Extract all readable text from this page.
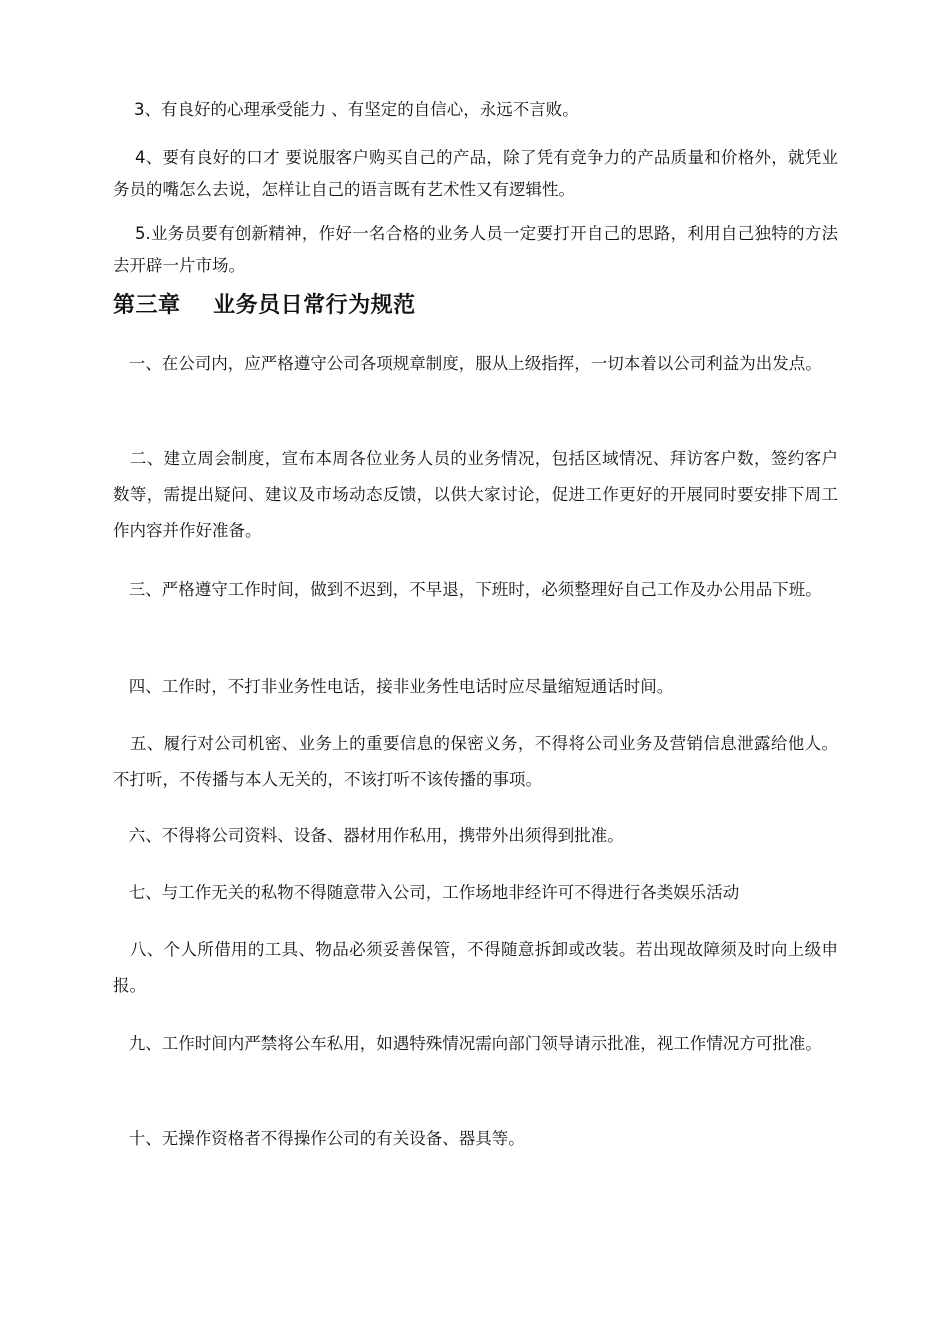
3、有良好的心理承受能力 、有坚定的自信心，永远不言败。

4、要有良好的口才 要说服客户购买自己的产品，除了凭有竞争力的产品质量和价格外，就凭业务员的嘴怎么去说，怎样让自己的语言既有艺术性又有逻辑性。

5.业务员要有创新精神，作好一名合格的业务人员一定要打开自己的思路，利用自己独特的方法去开辟一片市场。

第三章    业务员日常行为规范

一、在公司内，应严格遵守公司各项规章制度，服从上级指挥，一切本着以公司利益为出发点。

二、建立周会制度，宣布本周各位业务人员的业务情况，包括区域情况、拜访客户数，签约客户数等，需提出疑问、建议及市场动态反馈，以供大家讨论，促进工作更好的开展同时要安排下周工作内容并作好准备。

三、严格遵守工作时间，做到不迟到，不早退，下班时，必须整理好自己工作及办公用品下班。

四、工作时，不打非业务性电话，接非业务性电话时应尽量缩短通话时间。

五、履行对公司机密、业务上的重要信息的保密义务，不得将公司业务及营销信息泄露给他人。不打听，不传播与本人无关的，不该打听不该传播的事项。

六、不得将公司资料、设备、器材用作私用，携带外出须得到批准。

七、与工作无关的私物不得随意带入公司，工作场地非经许可不得进行各类娱乐活动

八、个人所借用的工具、物品必须妥善保管，不得随意拆卸或改装。若出现故障须及时向上级申报。

九、工作时间内严禁将公车私用，如遇特殊情况需向部门领导请示批准，视工作情况方可批准。

十、无操作资格者不得操作公司的有关设备、器具等。
